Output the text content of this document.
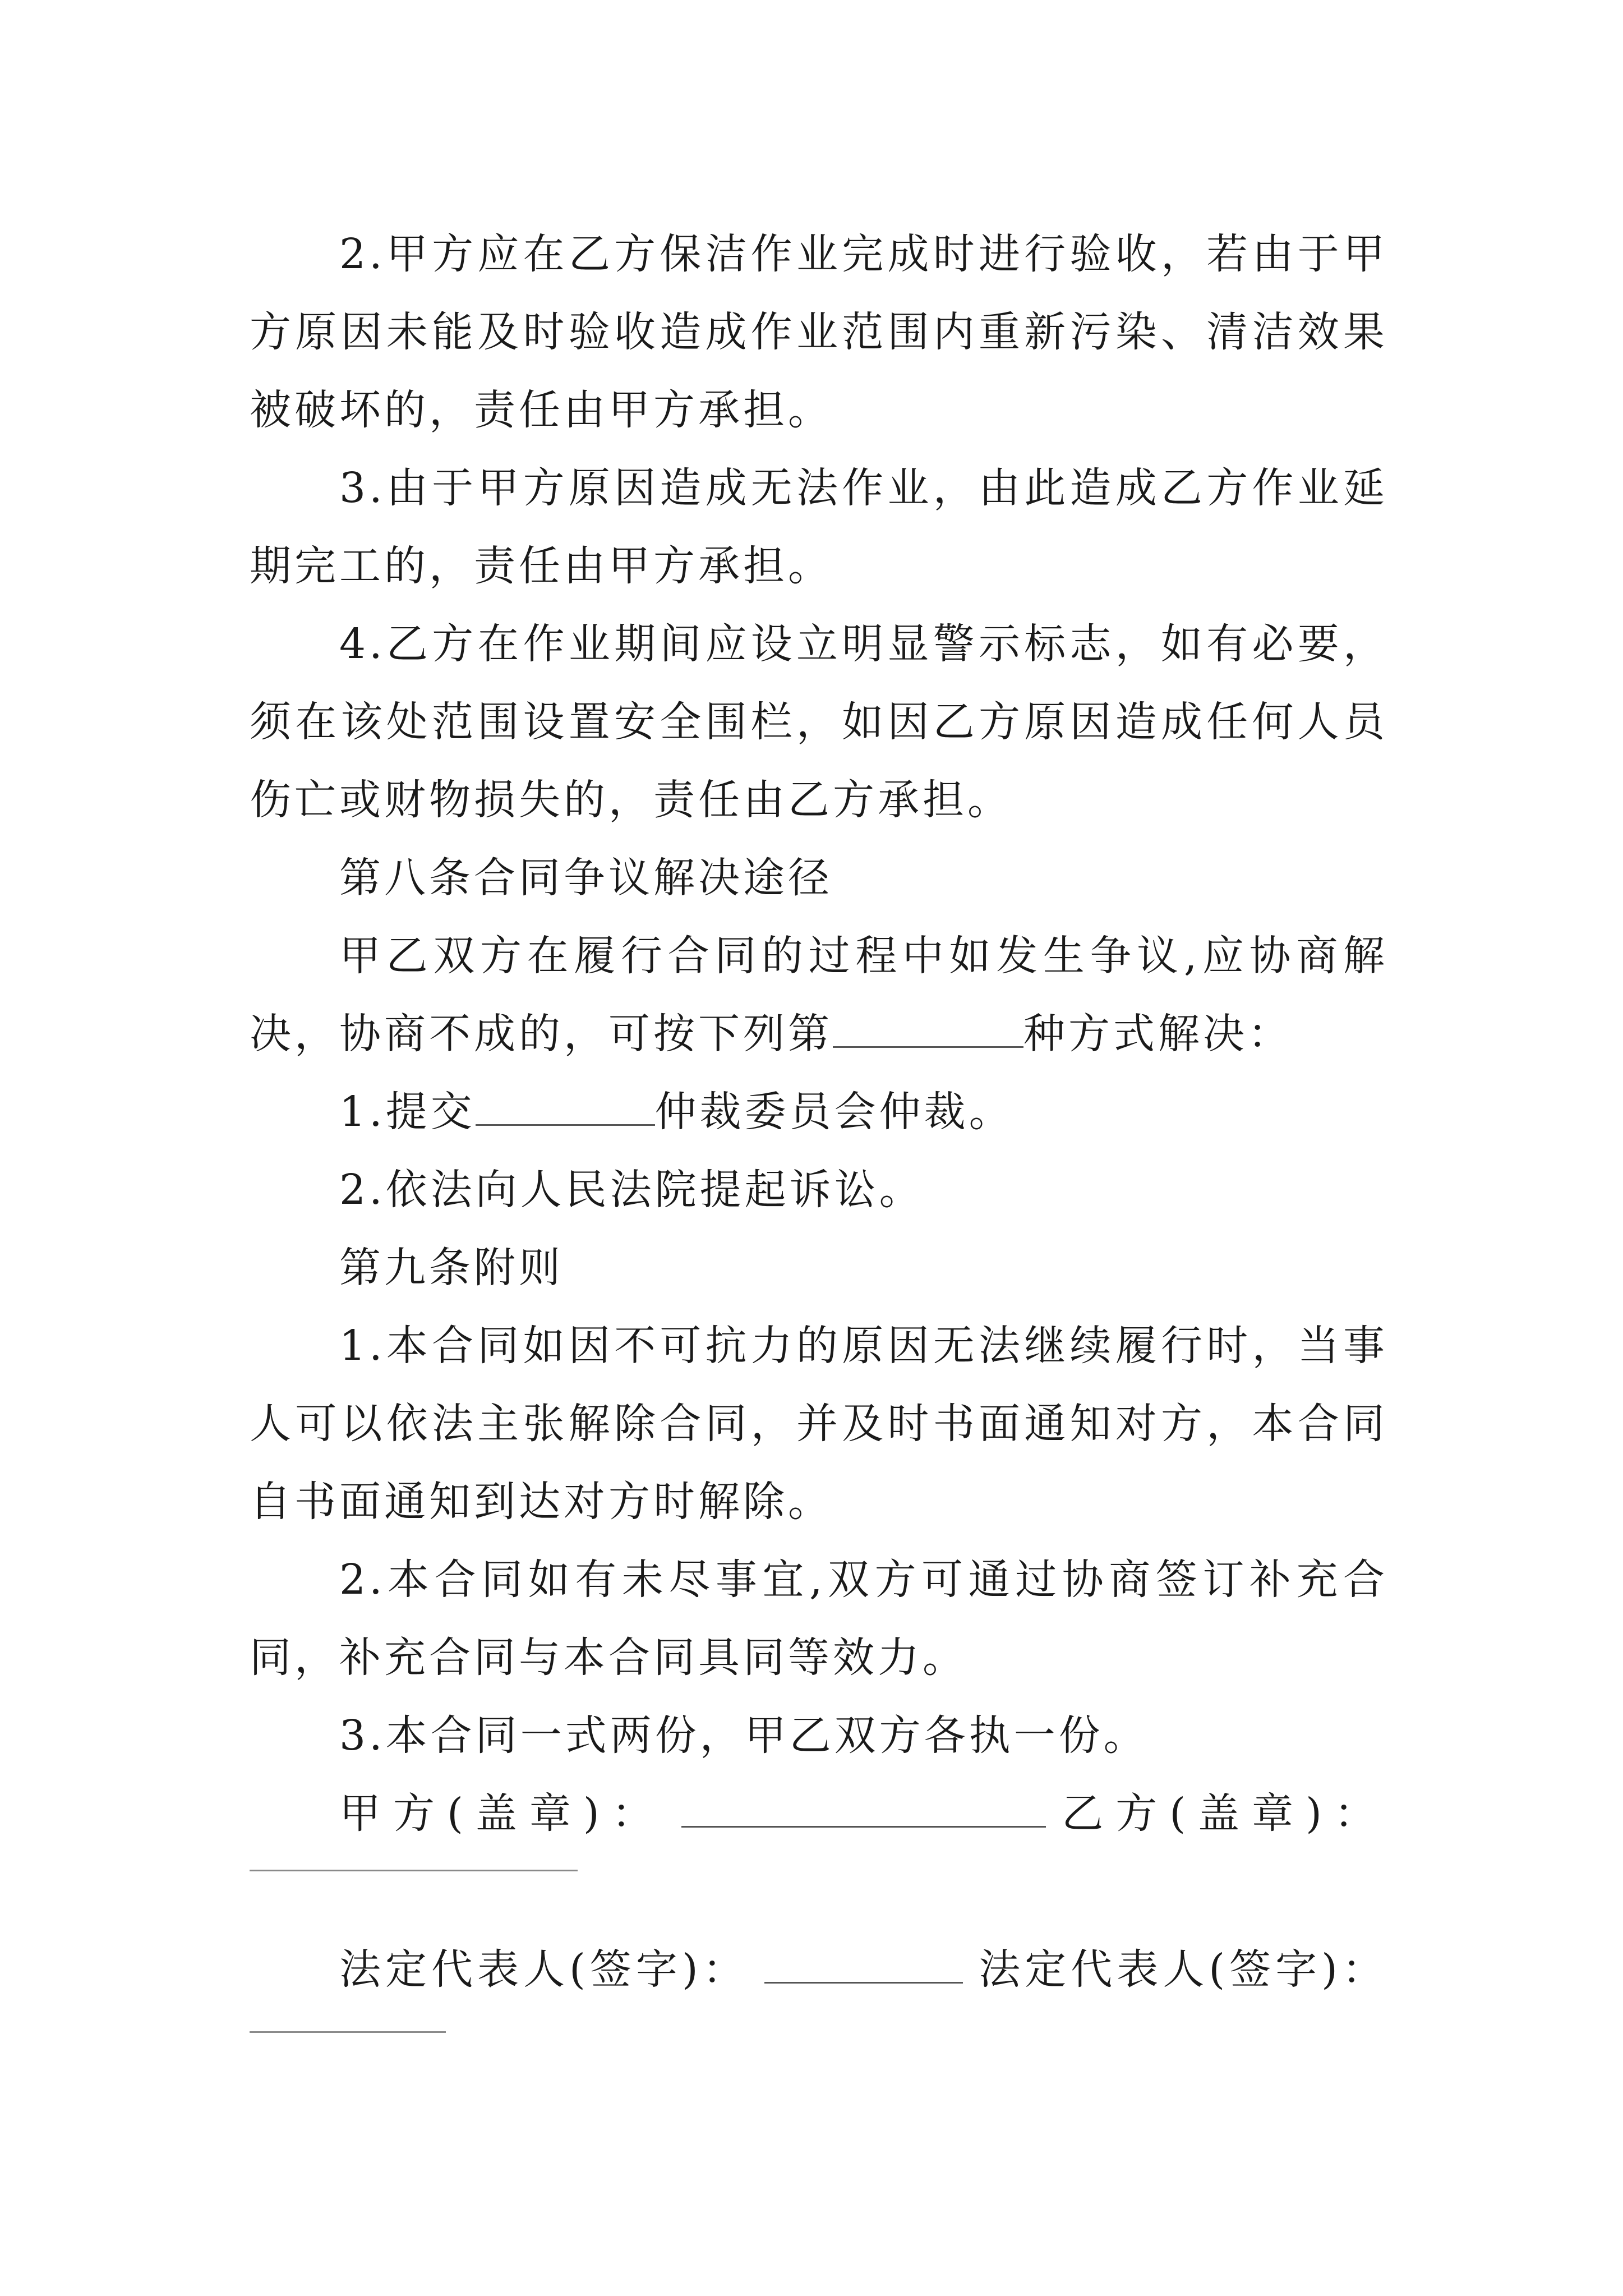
2.甲方应在乙方保洁作业完成时进行验收，若由于甲方原因未能及时验收造成作业范围内重新污染、清洁效果被破坏的，责任由甲方承担。

3.由于甲方原因造成无法作业，由此造成乙方作业延期完工的，责任由甲方承担。

4.乙方在作业期间应设立明显警示标志，如有必要，须在该处范围设置安全围栏，如因乙方原因造成任何人员伤亡或财物损失的，责任由乙方承担。

第八条合同争议解决途径

甲乙双方在履行合同的过程中如发生争议,应协商解决，协商不成的，可按下列第	种方式解决：

1.提交	仲裁委员会仲裁。

2.依法向人民法院提起诉讼。

第九条附则

1.本合同如因不可抗力的原因无法继续履行时，当事人可以依法主张解除合同，并及时书面通知对方，本合同自书面通知到达对方时解除。

2.本合同如有未尽事宜,双方可通过协商签订补充合同，补充合同与本合同具同等效力。

3.本合同一式两份，甲乙双方各执一份。

甲方(盖章)：	乙方(盖章)：
法定代表人(签字)：	法定代表人(签字)：
